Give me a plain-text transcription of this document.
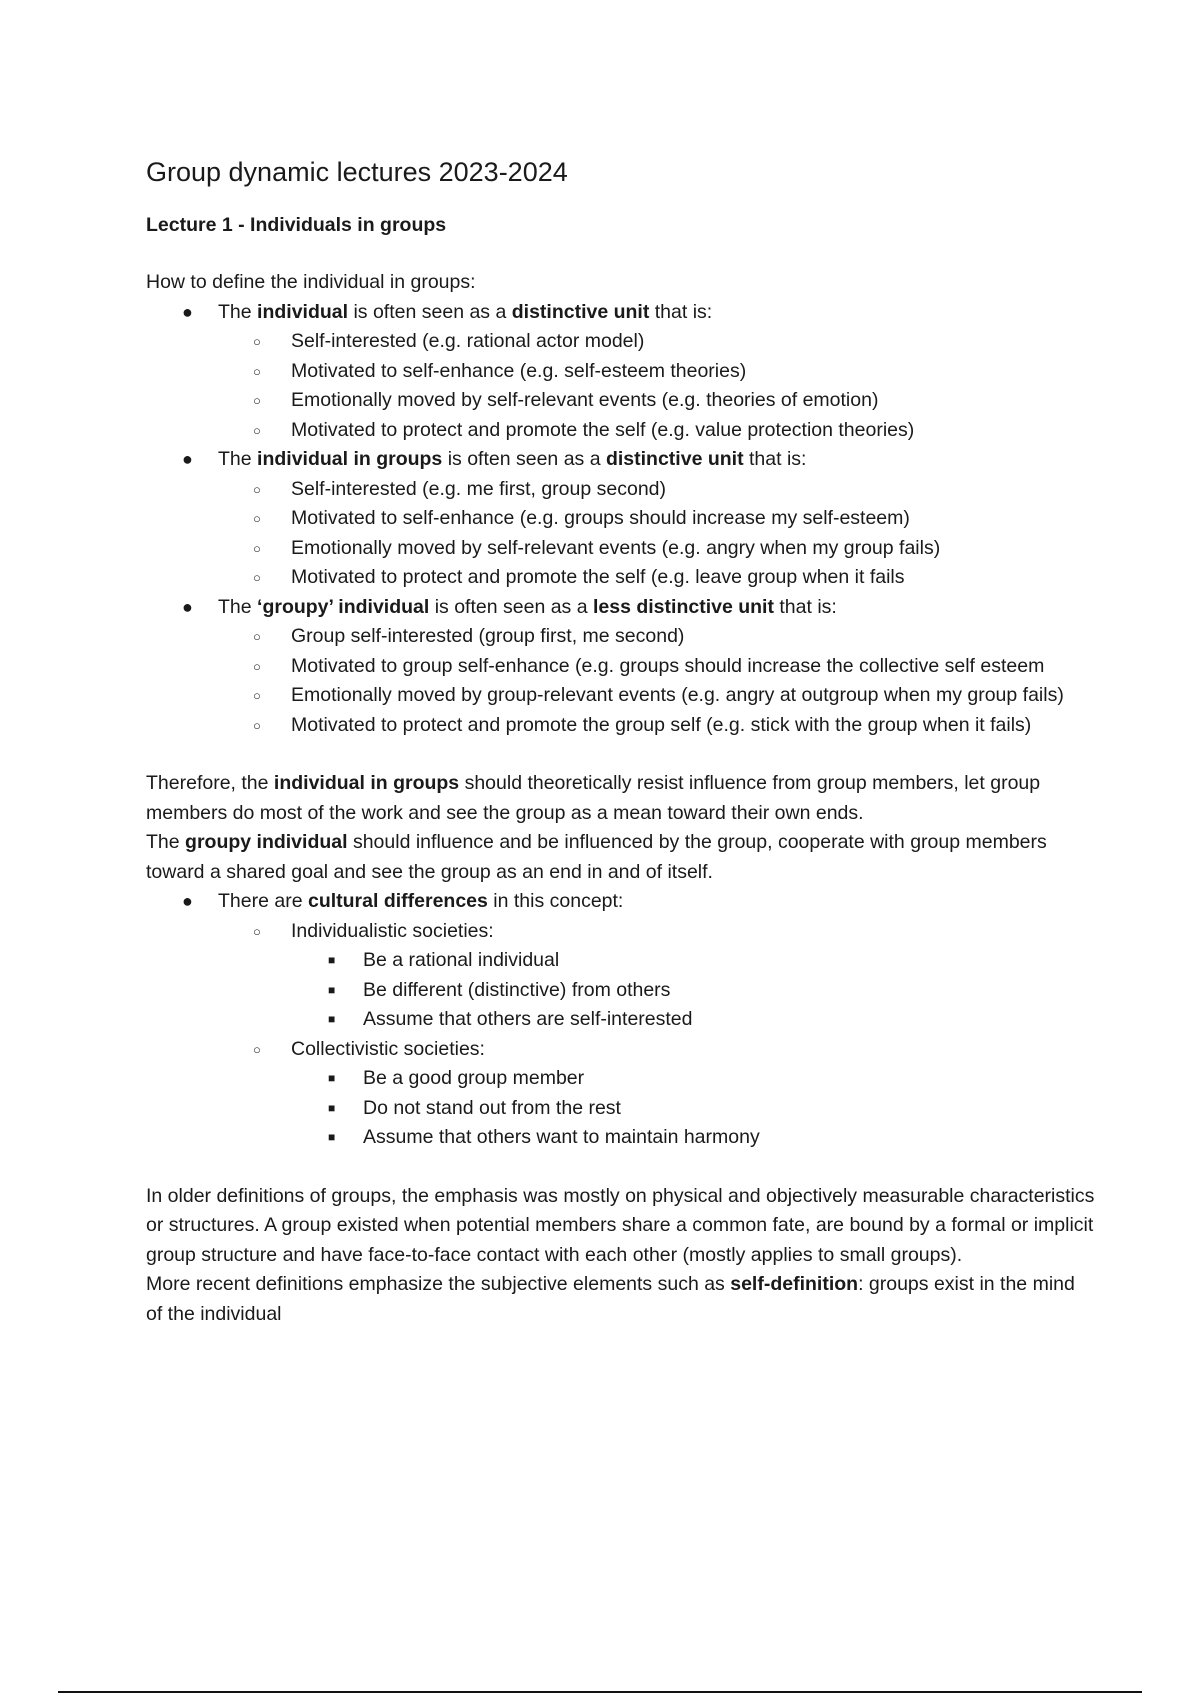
Group dynamic lectures 2023-2024
Lecture 1 - Individuals in groups

How to define the individual in groups:

● The individual is often seen as a distinctive unit that is:
○ Self-interested (e.g. rational actor model)
○ Motivated to self-enhance (e.g. self-esteem theories)
○ Emotionally moved by self-relevant events (e.g. theories of emotion)
○ Motivated to protect and promote the self (e.g. value protection theories)
● The individual in groups is often seen as a distinctive unit that is:
○ Self-interested (e.g. me first, group second)
○ Motivated to self-enhance (e.g. groups should increase my self-esteem)
○ Emotionally moved by self-relevant events (e.g. angry when my group fails)
○ Motivated to protect and promote the self (e.g. leave group when it fails
● The ‘groupy’ individual is often seen as a less distinctive unit that is:
○ Group self-interested (group first, me second)
○ Motivated to group self-enhance (e.g. groups should increase the collective self esteem
○ Emotionally moved by group-relevant events (e.g. angry at outgroup when my group fails)
○ Motivated to protect and promote the group self (e.g. stick with the group when it fails)

Therefore, the individual in groups should theoretically resist influence from group members, let group members do most of the work and see the group as a mean toward their own ends.
The groupy individual should influence and be influenced by the group, cooperate with group members toward a shared goal and see the group as an end in and of itself.

● There are cultural differences in this concept:
○ Individualistic societies:
■ Be a rational individual
■ Be different (distinctive) from others
■ Assume that others are self-interested
○ Collectivistic societies:
■ Be a good group member
■ Do not stand out from the rest
■ Assume that others want to maintain harmony

In older definitions of groups, the emphasis was mostly on physical and objectively measurable characteristics or structures. A group existed when potential members share a common fate, are bound by a formal or implicit group structure and have face-to-face contact with each other (mostly applies to small groups).

More recent definitions emphasize the subjective elements such as self-definition: groups exist in the mind of the individual
